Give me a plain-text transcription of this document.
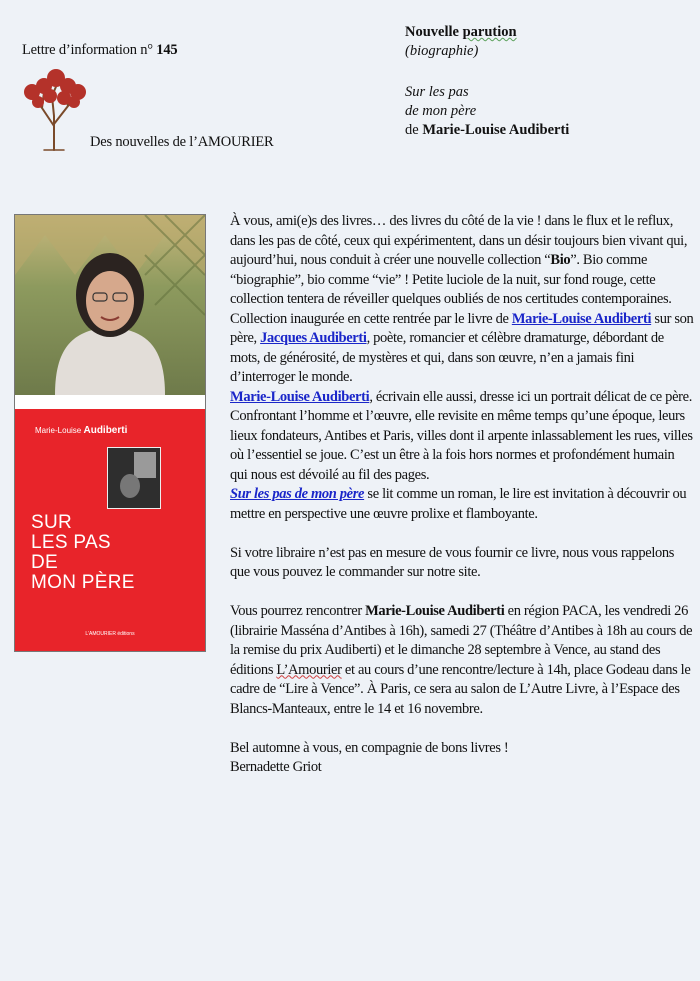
Lettre d’information n° 145
Des nouvelles de l’AMOURIER
Nouvelle parution
(biographie)
Sur les pas
de mon père
de Marie-Louise Audiberti
Marie-Louise Audiberti
SUR
LES PAS
DE
MON PÈRE
L’AMOURIER éditions

À vous, ami(e)s des livres… des livres du côté de la vie ! dans le flux et le reflux, dans les pas de côté, ceux qui expérimentent, dans un désir toujours bien vivant qui, aujourd’hui, nous conduit à créer une nouvelle collection “Bio”. Bio comme “biographie”, bio comme “vie” ! Petite luciole de la nuit, sur fond rouge, cette collection tentera de réveiller quelques oubliés de nos certitudes contemporaines.

Collection inaugurée en cette rentrée par le livre de Marie-Louise Audiberti sur son père, Jacques Audiberti, poète, romancier et célèbre dramaturge, débordant de mots, de générosité, de mystères et qui, dans son œuvre, n’en a jamais fini d’interroger le monde.

Marie-Louise Audiberti, écrivain elle aussi, dresse ici un portrait délicat de ce père. Confrontant l’homme et l’œuvre, elle revisite en même temps qu’une époque, leurs lieux fondateurs, Antibes et Paris, villes dont il arpente inlassablement les rues, villes où l’essentiel se joue. C’est un être à la fois hors normes et profondément humain qui nous est dévoilé au fil des pages.

Sur les pas de mon père se lit comme un roman, le lire est invitation à découvrir ou mettre en perspective une œuvre prolixe et flamboyante.

Si votre libraire n’est pas en mesure de vous fournir ce livre, nous vous rappelons que vous pouvez le commander sur notre site.

Vous pourrez rencontrer Marie-Louise Audiberti en région PACA, les vendredi 26 (librairie Masséna d’Antibes à 16h), samedi 27 (Théâtre d’Antibes à 18h au cours de la remise du prix Audiberti) et le dimanche 28 septembre à Vence, au stand des éditions L’Amourier et au cours d’une rencontre/lecture à 14h, place Godeau dans le cadre de “Lire à Vence”. À Paris, ce sera au salon de L’Autre Livre, à l’Espace des Blancs-Manteaux, entre le 14 et 16 novembre.

Bel automne à vous, en compagnie de bons livres !

Bernadette Griot
